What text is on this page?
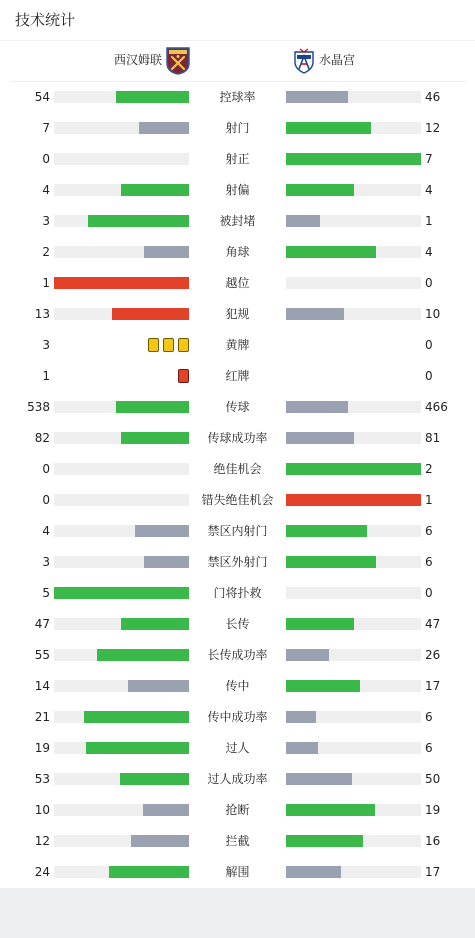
技术统计
西汉姆联	水晶宫
54	控球率	46
7	射门	12
0	射正	7
4	射偏	4
3	被封堵	1
2	角球	4
1	越位	0
13	犯规	10
3	黄牌	0
1	红牌	0
538	传球	466
82	传球成功率	81
0	绝佳机会	2
0	错失绝佳机会	1
4	禁区内射门	6
3	禁区外射门	6
5	门将扑救	0
47	长传	47
55	长传成功率	26
14	传中	17
21	传中成功率	6
19	过人	6
53	过人成功率	50
10	抢断	19
12	拦截	16
24	解围	17
